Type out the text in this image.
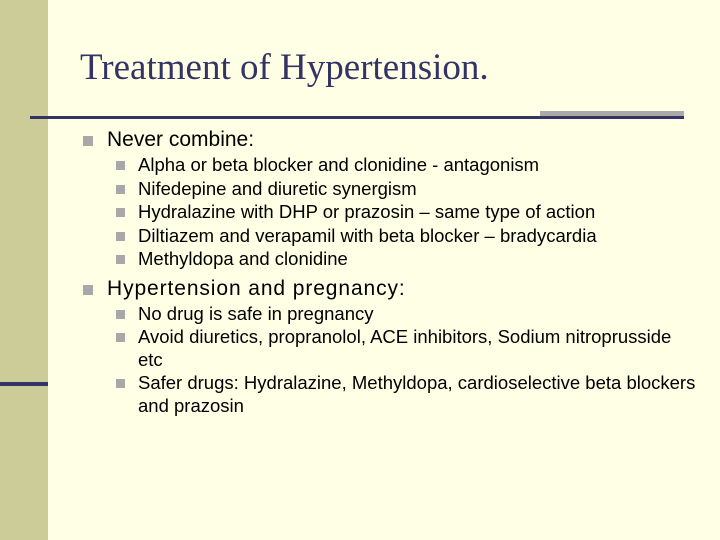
Treatment of Hypertension.
Never combine:
Alpha or beta blocker and clonidine - antagonism
Nifedepine and diuretic synergism
Hydralazine with DHP or prazosin – same type of action
Diltiazem and verapamil with beta blocker – bradycardia
Methyldopa and clonidine
Hypertension and pregnancy:
No drug is safe in pregnancy
Avoid diuretics, propranolol, ACE inhibitors, Sodium nitroprusside etc
Safer drugs: Hydralazine, Methyldopa, cardioselective beta blockers and prazosin
